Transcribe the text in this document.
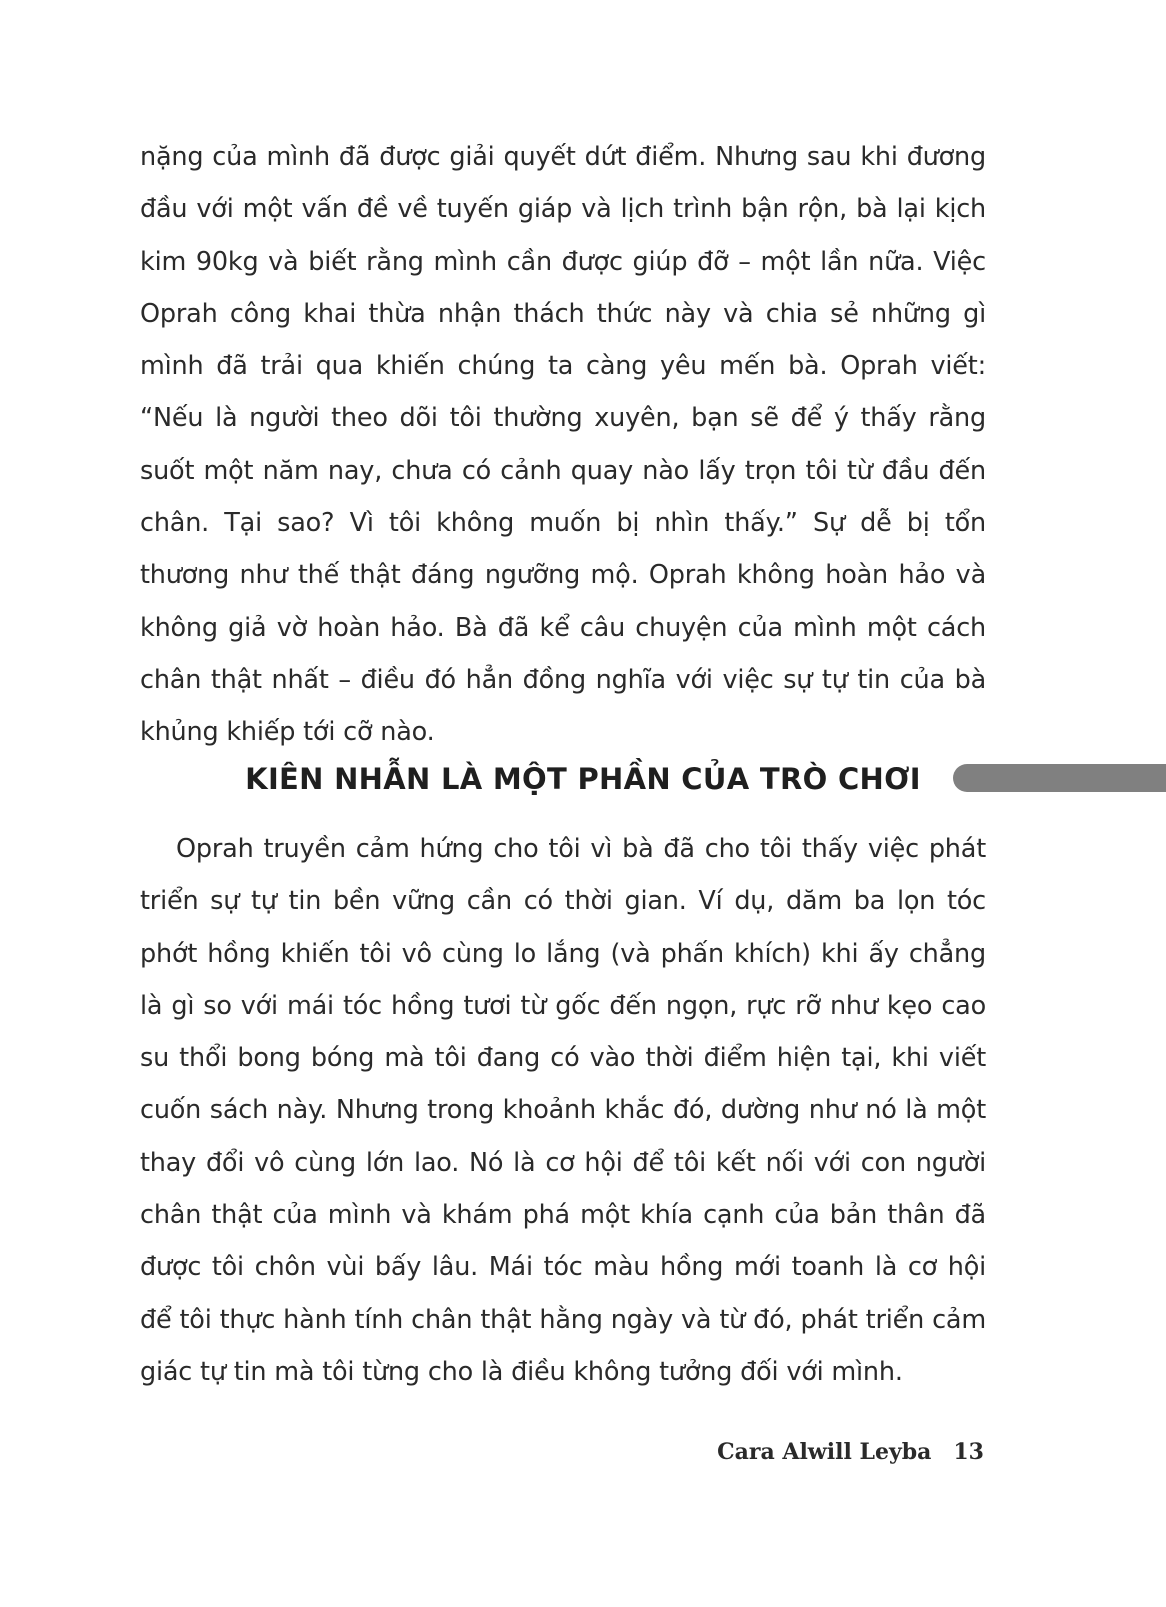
nặng của mình đã được giải quyết dứt điểm. Nhưng sau khi đương đầu với một vấn đề về tuyến giáp và lịch trình bận rộn, bà lại kịch kim 90kg và biết rằng mình cần được giúp đỡ – một lần nữa. Việc Oprah công khai thừa nhận thách thức này và chia sẻ những gì mình đã trải qua khiến chúng ta càng yêu mến bà. Oprah viết: “Nếu là người theo dõi tôi thường xuyên, bạn sẽ để ý thấy rằng suốt một năm nay, chưa có cảnh quay nào lấy trọn tôi từ đầu đến chân. Tại sao? Vì tôi không muốn bị nhìn thấy.” Sự dễ bị tổn thương như thế thật đáng ngưỡng mộ. Oprah không hoàn hảo và không giả vờ hoàn hảo. Bà đã kể câu chuyện của mình một cách chân thật nhất – điều đó hẳn đồng nghĩa với việc sự tự tin của bà khủng khiếp tới cỡ nào.

KIÊN NHẪN LÀ MỘT PHẦN CỦA TRÒ CHƠI

Oprah truyền cảm hứng cho tôi vì bà đã cho tôi thấy việc phát triển sự tự tin bền vững cần có thời gian. Ví dụ, dăm ba lọn tóc phớt hồng khiến tôi vô cùng lo lắng (và phấn khích) khi ấy chẳng là gì so với mái tóc hồng tươi từ gốc đến ngọn, rực rỡ như kẹo cao su thổi bong bóng mà tôi đang có vào thời điểm hiện tại, khi viết cuốn sách này. Nhưng trong khoảnh khắc đó, dường như nó là một thay đổi vô cùng lớn lao. Nó là cơ hội để tôi kết nối với con người chân thật của mình và khám phá một khía cạnh của bản thân đã được tôi chôn vùi bấy lâu. Mái tóc màu hồng mới toanh là cơ hội để tôi thực hành tính chân thật hằng ngày và từ đó, phát triển cảm giác tự tin mà tôi từng cho là điều không tưởng đối với mình.

Cara Alwill Leyba 13
